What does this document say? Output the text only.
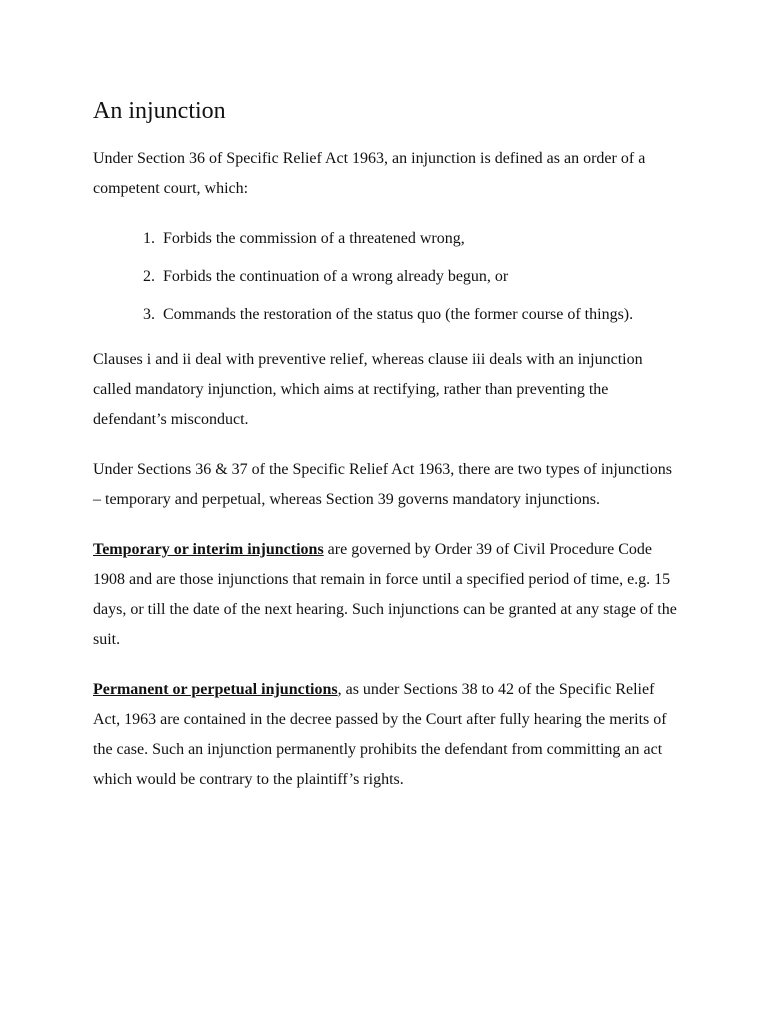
An injunction

Under Section 36 of Specific Relief Act 1963, an injunction is defined as an order of a competent court, which:

1. Forbids the commission of a threatened wrong,
2. Forbids the continuation of a wrong already begun, or
3. Commands the restoration of the status quo (the former course of things).

Clauses i and ii deal with preventive relief, whereas clause iii deals with an injunction called mandatory injunction, which aims at rectifying, rather than preventing the defendant’s misconduct.

Under Sections 36 & 37 of the Specific Relief Act 1963, there are two types of injunctions – temporary and perpetual, whereas Section 39 governs mandatory injunctions.

Temporary or interim injunctions are governed by Order 39 of Civil Procedure Code 1908 and are those injunctions that remain in force until a specified period of time, e.g. 15 days, or till the date of the next hearing. Such injunctions can be granted at any stage of the suit.

Permanent or perpetual injunctions, as under Sections 38 to 42 of the Specific Relief Act, 1963 are contained in the decree passed by the Court after fully hearing the merits of the case. Such an injunction permanently prohibits the defendant from committing an act which would be contrary to the plaintiff’s rights.
